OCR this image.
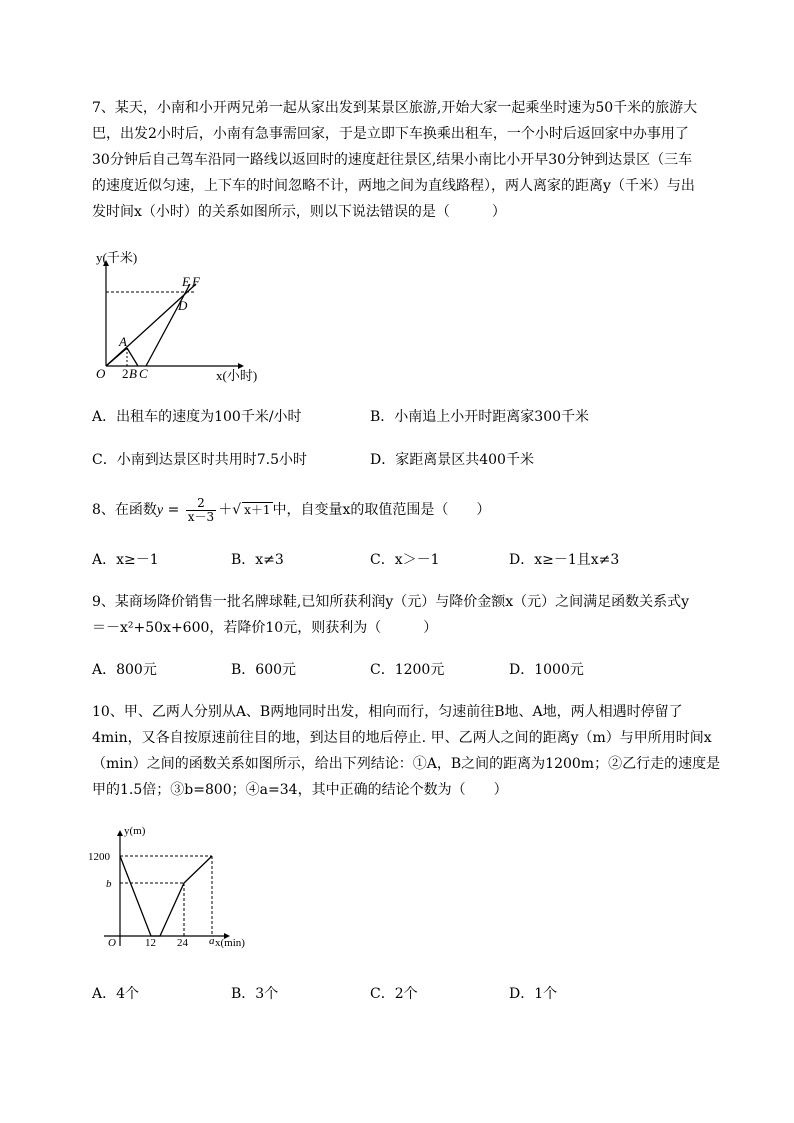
7、某天，小南和小开两兄弟一起从家出发到某景区旅游,开始大家一起乘坐时速为50千米的旅游大
巴，出发2小时后，小南有急事需回家，于是立即下车换乘出租车，一个小时后返回家中办事用了
30分钟后自己驾车沿同一路线以返回时的速度赶往景区,结果小南比小开早30分钟到达景区（三车
的速度近似匀速，上下车的时间忽略不计，两地之间为直线路程），两人离家的距离y（千米）与出
发时间x（小时）的关系如图所示，则以下说法错误的是（　　　）
y(千米)
x(小时)
E F
D
A
O 2 B C
A．出租车的速度为100千米/小时	B．小南追上小开时距离家300千米
C．小南到达景区时共用时7.5小时	D．家距离景区共400千米
8、在函数$y = \frac{2}{x-3}$ ＋√ x＋1 中，自变量x的取值范围是（　　）
A．x≥－1	B．x≠3	C．x＞－1	D．x≥－1且x≠3
9、某商场降价销售一批名牌球鞋,已知所获利润y（元）与降价金额x（元）之间满足函数关系式y
＝－x²+50x+600，若降价10元，则获利为（　　　）
A．800元	B．600元	C．1200元	D．1000元
10、甲、乙两人分别从A、B两地同时出发，相向而行，匀速前往B地、A地，两人相遇时停留了
4min，又各自按原速前往目的地，到达目的地后停止. 甲、乙两人之间的距离y（m）与甲所用时间x
（min）之间的函数关系如图所示，给出下列结论：①A，B之间的距离为1200m；②乙行走的速度是
甲的1.5倍；③b=800；④a=34，其中正确的结论个数为（　　）
y(m)
1200
b
O	12 24 a x(min)
A．4个	B．3个	C．2个	D．1个
